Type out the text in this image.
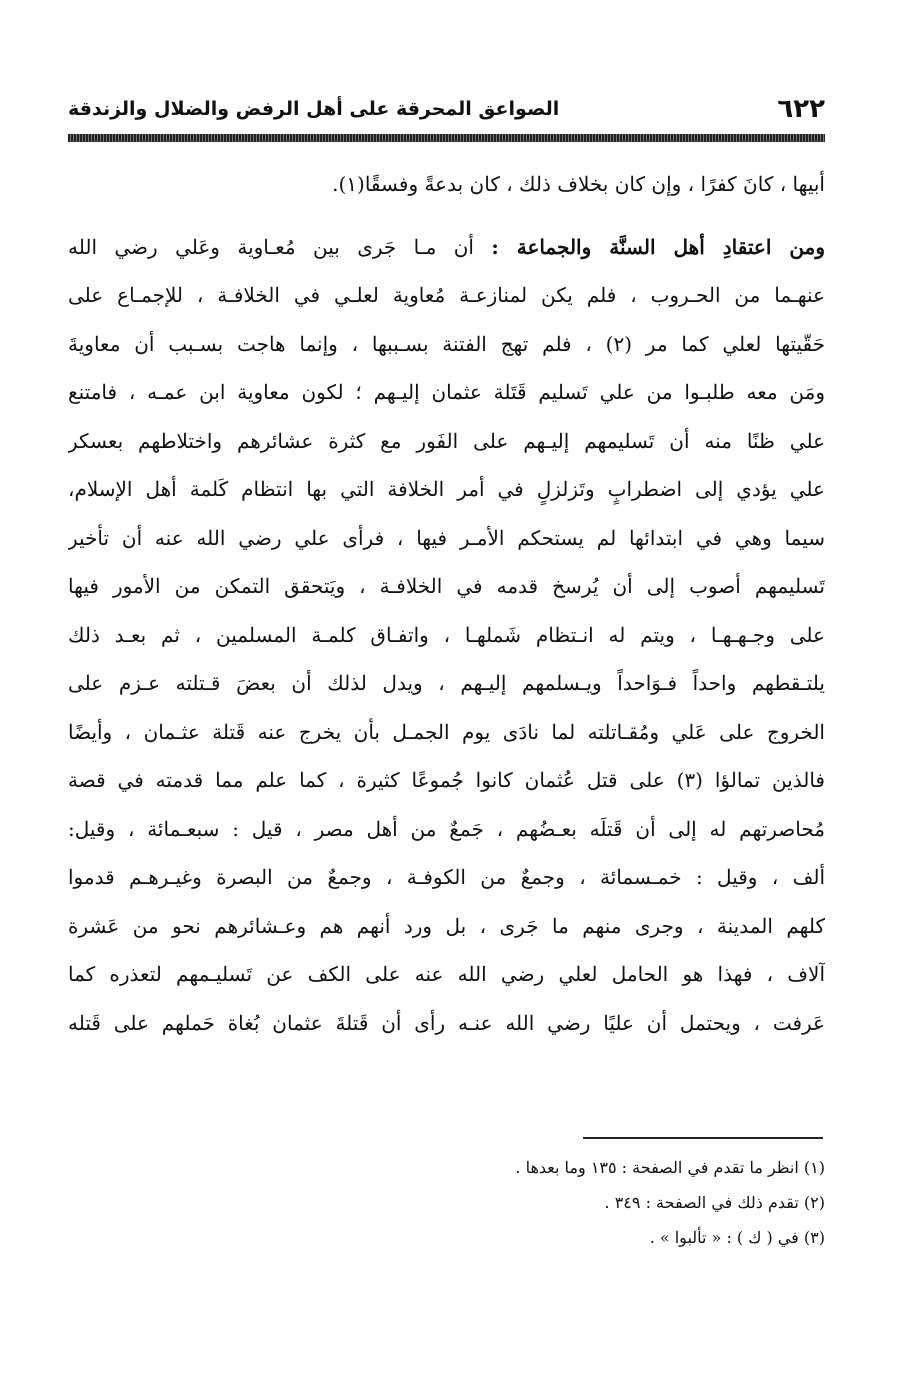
٦٢٢
الصواعق المحرقة على أهل الرفض والضلال والزندقة
أبيها ، كانَ كفرًا ، وإن كان بخلاف ذلك ، كان بدعةً وفسقًا(١).
ومن اعتقادِ أهل السنَّة والجماعة : أن مـا جَرى بين مُعـاوية وعَلي رضي الله
عنهـما من الحـروب ، فلم يكن لمنازعـة مُعاوية لعلـي في الخلافـة ، للإجمـاع على
حَقّيتها لعلي كما مر (٢) ، فلم تهج الفتنة بسـببها ، وإنما هاجت بسـبب أن معاويةَ
ومَن معه طلبـوا من علي تَسليم قَتَلة عثمان إليـهم ؛ لكون معاوية ابن عمـه ، فامتنع
علي ظنًا منه أن تَسليمهم إليـهم على الفَور مع كثرة عشائرهم واختلاطهم بعسكر
علي يؤدي إلى اضطرابٍ وتَزلزلٍ في أمر الخلافة التي بها انتظام كَلمة أهل الإسلام،
سيما وهي في ابتدائها لم يستحكم الأمـر فيها ، فرأى علي رضي الله عنه أن تأخير
تَسليمهم أصوب إلى أن يُرسخ قدمه في الخلافـة ، ويَتحقق التمكن من الأمور فيها
على وجـهـهـا ، ويتم له انـتظام شَملهـا ، واتفـاق كلمـة المسلمين ، ثم بعـد ذلك
يلتـقطهم واحداً فـوَاحداً ويـسلمهم إليـهم ، ويدل لذلك أن بعضَ قـتلته عـزم على
الخروج على عَلي ومُقـاتلته لما نادَى يوم الجمـل بأن يخرج عنه قَتلة عثـمان ، وأيضًا
فالذين تمالؤا (٣) على قتل عُثمان كانوا جُموعًا كثيرة ، كما علم مما قدمته في قصة
مُحاصرتهم له إلى أن قَتلَه بعـضُهم ، جَمعٌ من أهل مصر ، قيل : سبعـمائة ، وقيل:
ألف ، وقيل : خمـسمائة ، وجمعٌ من الكوفـة ، وجمعٌ من البصرة وغيـرهـم قدموا
كلهم المدينة ، وجرى منهم ما جَرى ، بل ورد أنهم هم وعـشائرهم نحو من عَشرة
آلاف ، فهذا هو الحامل لعلي رضي الله عنه على الكف عن تَسليـمهم لتعذره كما
عَرفت ، ويحتمل أن عليًا رضي الله عنـه رأى أن قَتلةَ عثمان بُغاة حَملهم على قَتله
(١) انظر ما تقدم في الصفحة : ١٣٥ وما بعدها .
(٢) تقدم ذلك في الصفحة : ٣٤٩ .
(٣) في ( ك ) : « تألبوا » .
